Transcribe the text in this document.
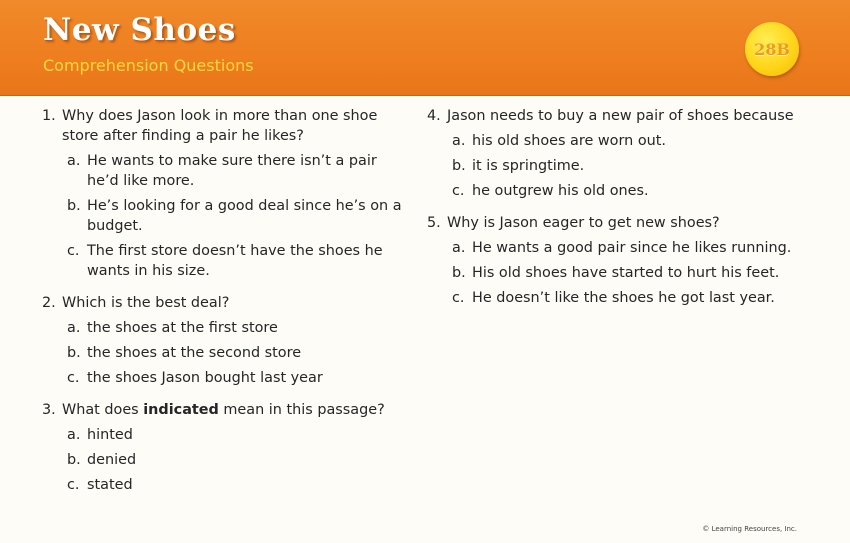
New Shoes
Comprehension Questions
28B
1. Why does Jason look in more than one shoe store after finding a pair he likes?
a. He wants to make sure there isn’t a pair he’d like more.
b. He’s looking for a good deal since he’s on a budget.
c. The first store doesn’t have the shoes he wants in his size.
2. Which is the best deal?
a. the shoes at the first store
b. the shoes at the second store
c. the shoes Jason bought last year
3. What does indicated mean in this passage?
a. hinted
b. denied
c. stated
4. Jason needs to buy a new pair of shoes because
a. his old shoes are worn out.
b. it is springtime.
c. he outgrew his old ones.
5. Why is Jason eager to get new shoes?
a. He wants a good pair since he likes running.
b. His old shoes have started to hurt his feet.
c. He doesn’t like the shoes he got last year.
© Learning Resources, Inc.
